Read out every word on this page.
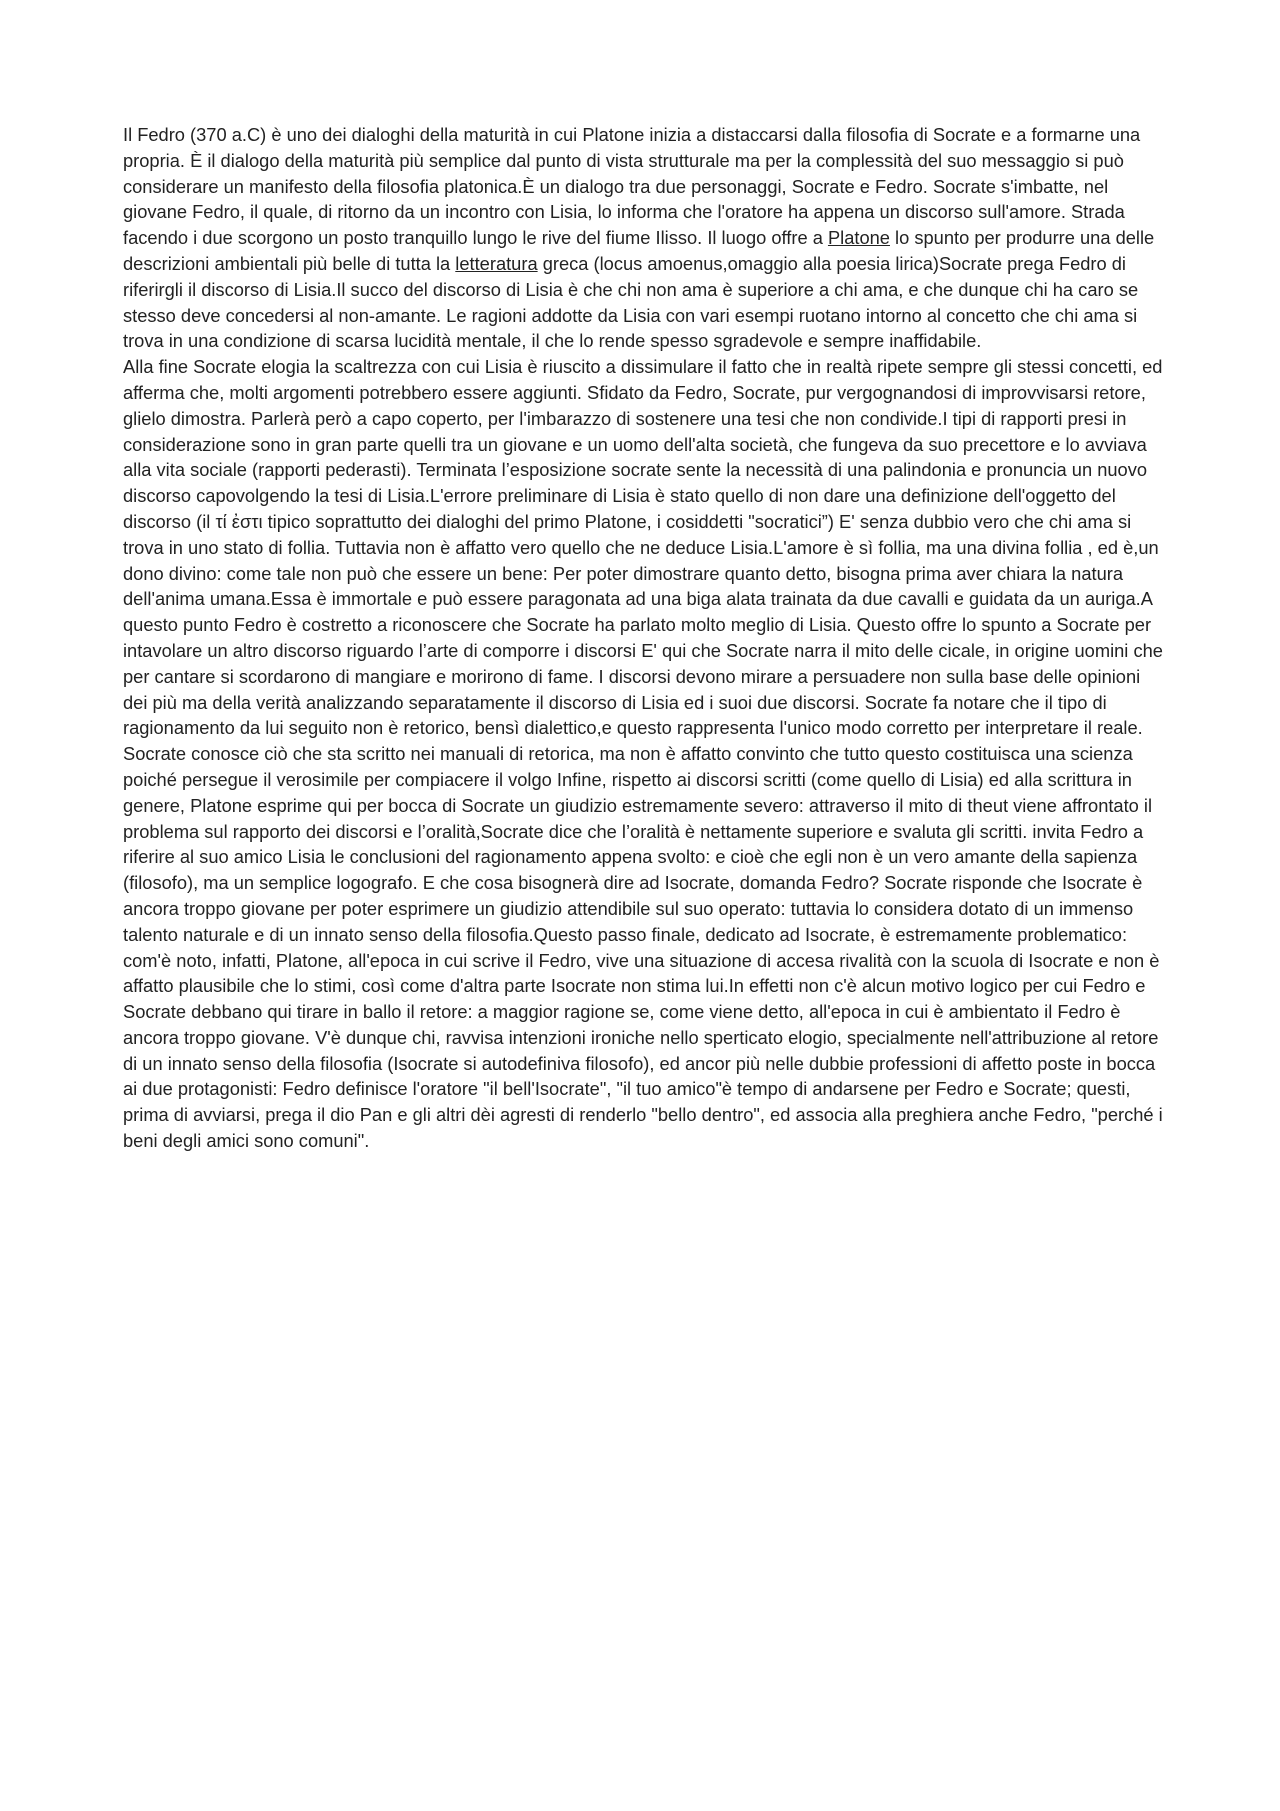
Il Fedro (370 a.C) è uno dei dialoghi della maturità in cui Platone inizia a distaccarsi dalla filosofia di Socrate e a formarne una propria. È il dialogo della maturità più semplice dal punto di vista strutturale ma per la complessità del suo messaggio si può considerare un manifesto della filosofia platonica.È un dialogo tra due personaggi, Socrate e Fedro. Socrate s'imbatte, nel giovane Fedro, il quale, di ritorno da un incontro con Lisia, lo informa che l'oratore ha appena un discorso sull'amore. Strada facendo i due scorgono un posto tranquillo lungo le rive del fiume Ilisso. Il luogo offre a Platone lo spunto per produrre una delle descrizioni ambientali più belle di tutta la letteratura greca (locus amoenus,omaggio alla poesia lirica)Socrate prega Fedro di riferirgli il discorso di Lisia.Il succo del discorso di Lisia è che chi non ama è superiore a chi ama, e che dunque chi ha caro se stesso deve concedersi al non-amante. Le ragioni addotte da Lisia con vari esempi ruotano intorno al concetto che chi ama si trova in una condizione di scarsa lucidità mentale, il che lo rende spesso sgradevole e sempre inaffidabile.

Alla fine Socrate elogia la scaltrezza con cui Lisia è riuscito a dissimulare il fatto che in realtà ripete sempre gli stessi concetti, ed afferma che, molti argomenti potrebbero essere aggiunti. Sfidato da Fedro, Socrate, pur vergognandosi di improvvisarsi retore, glielo dimostra. Parlerà però a capo coperto, per l'imbarazzo di sostenere una tesi che non condivide.I tipi di rapporti presi in considerazione sono in gran parte quelli tra un giovane e un uomo dell'alta società, che fungeva da suo precettore e lo avviava alla vita sociale (rapporti pederasti). Terminata l’esposizione socrate sente la necessità di una palindonia e pronuncia un nuovo discorso capovolgendo la tesi di Lisia.L'errore preliminare di Lisia è stato quello di non dare una definizione dell'oggetto del discorso (il τί ἐστι tipico soprattutto dei dialoghi del primo Platone, i cosiddetti "socratici”) E' senza dubbio vero che chi ama si trova in uno stato di follia. Tuttavia non è affatto vero quello che ne deduce Lisia.L'amore è sì follia, ma una divina follia , ed è,un dono divino: come tale non può che essere un bene: Per poter dimostrare quanto detto, bisogna prima aver chiara la natura dell'anima umana.Essa è immortale e può essere paragonata ad una biga alata trainata da due cavalli e guidata da un auriga.A questo punto Fedro è costretto a riconoscere che Socrate ha parlato molto meglio di Lisia. Questo offre lo spunto a Socrate per intavolare un altro discorso riguardo l’arte di comporre i discorsi E' qui che Socrate narra il mito delle cicale, in origine uomini che per cantare si scordarono di mangiare e morirono di fame. I discorsi devono mirare a persuadere non sulla base delle opinioni dei più ma della verità analizzando separatamente il discorso di Lisia ed i suoi due discorsi. Socrate fa notare che il tipo di ragionamento da lui seguito non è retorico, bensì dialettico,e questo rappresenta l'unico modo corretto per interpretare il reale. Socrate conosce ciò che sta scritto nei manuali di retorica, ma non è affatto convinto che tutto questo costituisca una scienza poiché persegue il verosimile per compiacere il volgo Infine, rispetto ai discorsi scritti (come quello di Lisia) ed alla scrittura in genere, Platone esprime qui per bocca di Socrate un giudizio estremamente severo: attraverso il mito di theut viene affrontato il problema sul rapporto dei discorsi e l’oralità,Socrate dice che l’oralità è nettamente superiore e svaluta gli scritti. invita Fedro a riferire al suo amico Lisia le conclusioni del ragionamento appena svolto: e cioè che egli non è un vero amante della sapienza (filosofo), ma un semplice logografo. E che cosa bisognerà dire ad Isocrate, domanda Fedro? Socrate risponde che Isocrate è ancora troppo giovane per poter esprimere un giudizio attendibile sul suo operato: tuttavia lo considera dotato di un immenso talento naturale e di un innato senso della filosofia.Questo passo finale, dedicato ad Isocrate, è estremamente problematico: com'è noto, infatti, Platone, all'epoca in cui scrive il Fedro, vive una situazione di accesa rivalità con la scuola di Isocrate e non è affatto plausibile che lo stimi, così come d'altra parte Isocrate non stima lui.In effetti non c'è alcun motivo logico per cui Fedro e Socrate debbano qui tirare in ballo il retore: a maggior ragione se, come viene detto, all'epoca in cui è ambientato il Fedro è ancora troppo giovane. V'è dunque chi, ravvisa intenzioni ironiche nello sperticato elogio, specialmente nell'attribuzione al retore di un innato senso della filosofia (Isocrate si autodefiniva filosofo), ed ancor più nelle dubbie professioni di affetto poste in bocca ai due protagonisti: Fedro definisce l'oratore "il bell'Isocrate", "il tuo amico"è tempo di andarsene per Fedro e Socrate; questi, prima di avviarsi, prega il dio Pan e gli altri dèi agresti di renderlo "bello dentro", ed associa alla preghiera anche Fedro, "perché i beni degli amici sono comuni".
